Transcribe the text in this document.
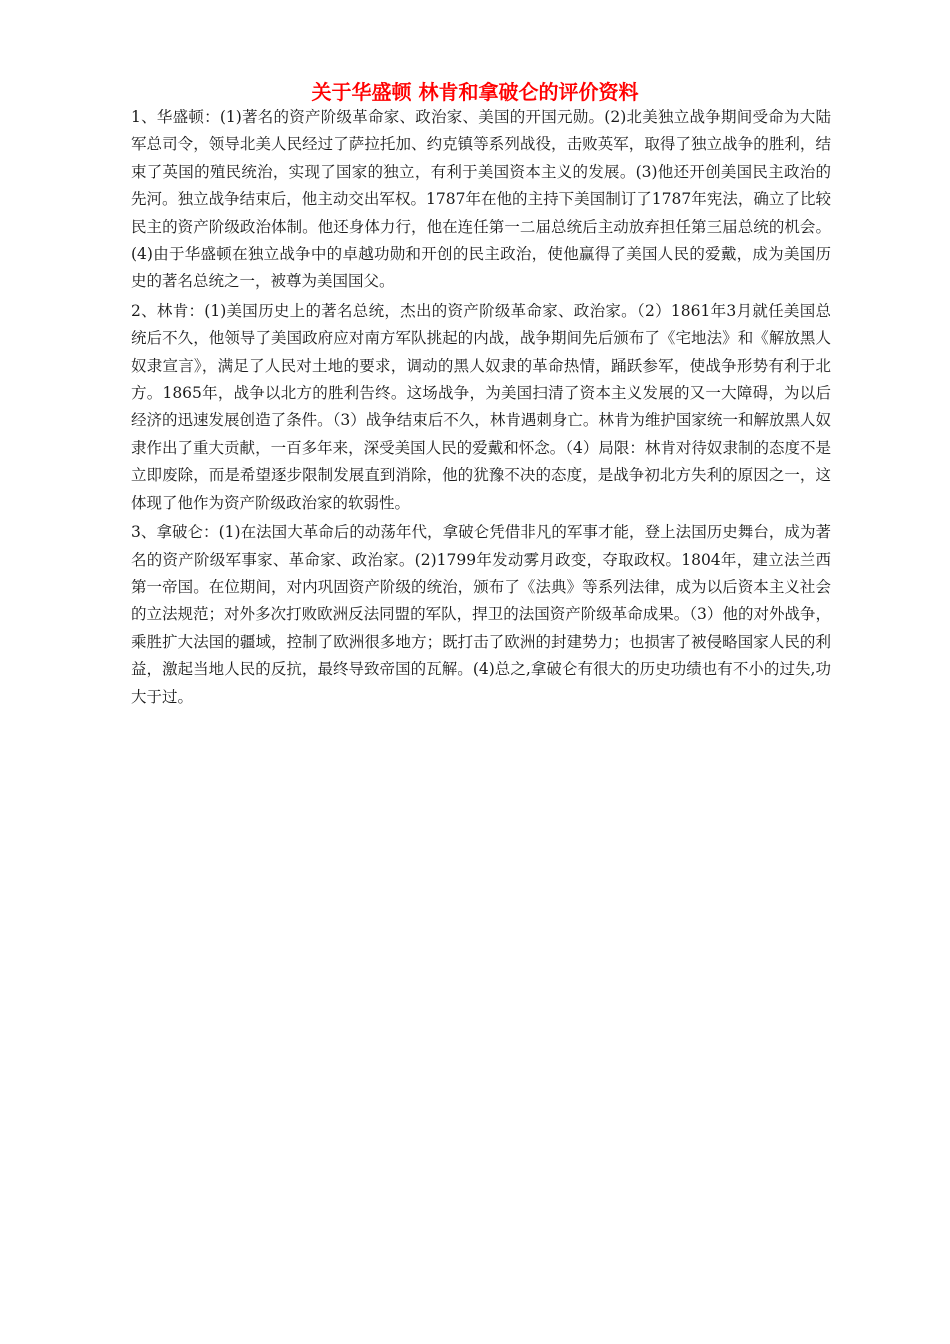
关于华盛顿 林肯和拿破仑的评价资料

1、华盛顿：(1)著名的资产阶级革命家、政治家、美国的开国元勋。(2)北美独立战争期间受命为大陆军总司令，领导北美人民经过了萨拉托加、约克镇等系列战役，击败英军，取得了独立战争的胜利，结束了英国的殖民统治，实现了国家的独立，有利于美国资本主义的发展。(3)他还开创美国民主政治的先河。独立战争结束后，他主动交出军权。1787年在他的主持下美国制订了1787年宪法，确立了比较民主的资产阶级政治体制。他还身体力行，他在连任第一二届总统后主动放弃担任第三届总统的机会。(4)由于华盛顿在独立战争中的卓越功勋和开创的民主政治，使他赢得了美国人民的爱戴，成为美国历史的著名总统之一，被尊为美国国父。

2、林肯：(1)美国历史上的著名总统，杰出的资产阶级革命家、政治家。（2）1861年3月就任美国总统后不久，他领导了美国政府应对南方军队挑起的内战，战争期间先后颁布了《宅地法》和《解放黑人奴隶宣言》，满足了人民对土地的要求，调动的黑人奴隶的革命热情，踊跃参军，使战争形势有利于北方。1865年，战争以北方的胜利告终。这场战争，为美国扫清了资本主义发展的又一大障碍，为以后经济的迅速发展创造了条件。（3）战争结束后不久，林肯遇刺身亡。林肯为维护国家统一和解放黑人奴隶作出了重大贡献，一百多年来，深受美国人民的爱戴和怀念。（4）局限：林肯对待奴隶制的态度不是立即废除，而是希望逐步限制发展直到消除，他的犹豫不决的态度，是战争初北方失利的原因之一，这体现了他作为资产阶级政治家的软弱性。

3、拿破仑：(1)在法国大革命后的动荡年代，拿破仑凭借非凡的军事才能，登上法国历史舞台，成为著名的资产阶级军事家、革命家、政治家。(2)1799年发动雾月政变，夺取政权。1804年，建立法兰西第一帝国。在位期间，对内巩固资产阶级的统治，颁布了《法典》等系列法律，成为以后资本主义社会的立法规范；对外多次打败欧洲反法同盟的军队，捍卫的法国资产阶级革命成果。（3）他的对外战争，乘胜扩大法国的疆域，控制了欧洲很多地方；既打击了欧洲的封建势力；也损害了被侵略国家人民的利益，激起当地人民的反抗，最终导致帝国的瓦解。(4)总之,拿破仑有很大的历史功绩也有不小的过失,功大于过。
